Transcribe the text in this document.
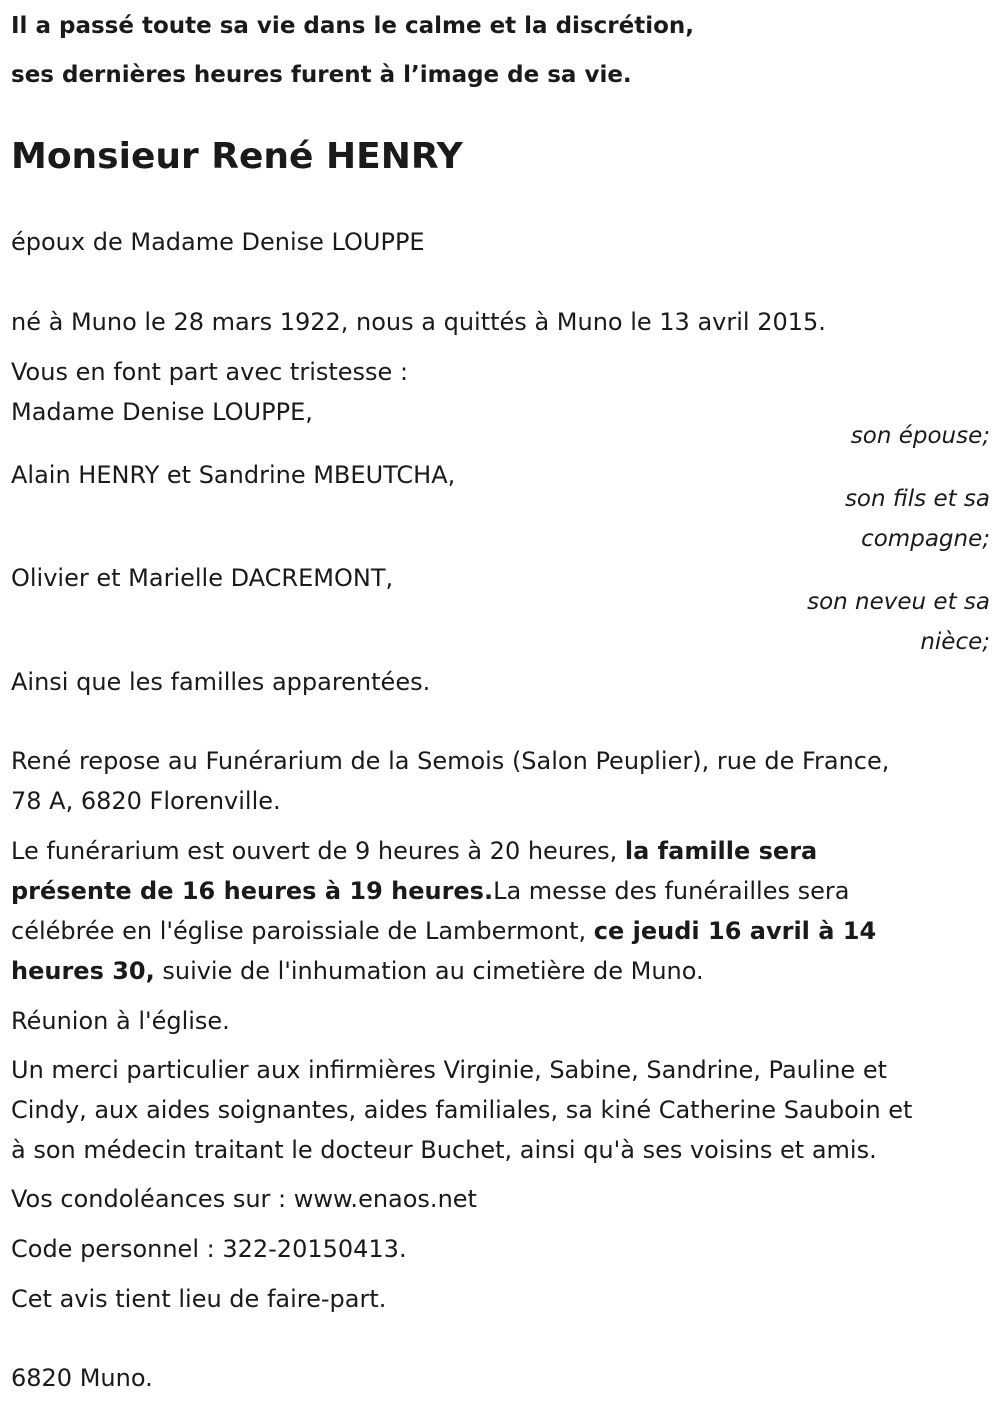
Il a passé toute sa vie dans le calme et la discrétion,
ses dernières heures furent à l’image de sa vie.
Monsieur René HENRY
époux de Madame Denise LOUPPE
né à Muno le 28 mars 1922, nous a quittés à Muno le 13 avril 2015.
Vous en font part avec tristesse :
Madame Denise LOUPPE,
son épouse;
Alain HENRY et Sandrine MBEUTCHA,
son fils et sa
compagne;
Olivier et Marielle DACREMONT,
son neveu et sa
nièce;
Ainsi que les familles apparentées.
René repose au Funérarium de la Semois (Salon Peuplier), rue de France,
78 A, 6820 Florenville.
Le funérarium est ouvert de 9 heures à 20 heures, la famille sera
présente de 16 heures à 19 heures.La messe des funérailles sera
célébrée en l'église paroissiale de Lambermont, ce jeudi 16 avril à 14
heures 30, suivie de l'inhumation au cimetière de Muno.
Réunion à l'église.
Un merci particulier aux infirmières Virginie, Sabine, Sandrine, Pauline et
Cindy, aux aides soignantes, aides familiales, sa kiné Catherine Sauboin et
à son médecin traitant le docteur Buchet, ainsi qu'à ses voisins et amis.
Vos condoléances sur : www.enaos.net
Code personnel : 322-20150413.
Cet avis tient lieu de faire-part.
6820 Muno.
